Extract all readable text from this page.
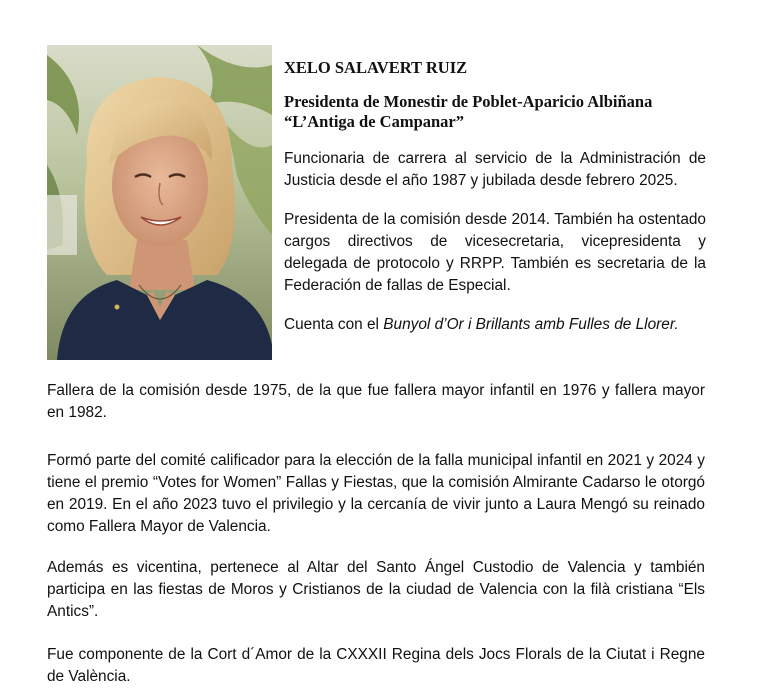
XELO SALAVERT RUIZ

Presidenta de Monestir de Poblet-Aparicio Albiñana
“L’Antiga de Campanar”

Funcionaria de carrera al servicio de la Administración de Justicia desde el año 1987 y jubilada desde febrero 2025.

Presidenta de la comisión desde 2014. También ha ostentado cargos directivos de vicesecretaria, vicepresidenta y delegada de protocolo y RRPP. También es secretaria de la Federación de fallas de Especial.

Cuenta con el Bunyol d’Or i Brillants amb Fulles de Llorer.

Fallera de la comisión desde 1975, de la que fue fallera mayor infantil en 1976 y fallera mayor en 1982.

Formó parte del comité calificador para la elección de la falla municipal infantil en 2021 y 2024 y tiene el premio “Votes for Women” Fallas y Fiestas, que la comisión Almirante Cadarso le otorgó en 2019. En el año 2023 tuvo el privilegio y la cercanía de vivir junto a Laura Mengó su reinado como Fallera Mayor de Valencia.

Además es vicentina, pertenece al Altar del Santo Ángel Custodio de Valencia y también participa en las fiestas de Moros y Cristianos de la ciudad de Valencia con la filà cristiana “Els Antics”.

Fue componente de la Cort d´Amor de la CXXXII Regina dels Jocs Florals de la Ciutat i Regne de València.
